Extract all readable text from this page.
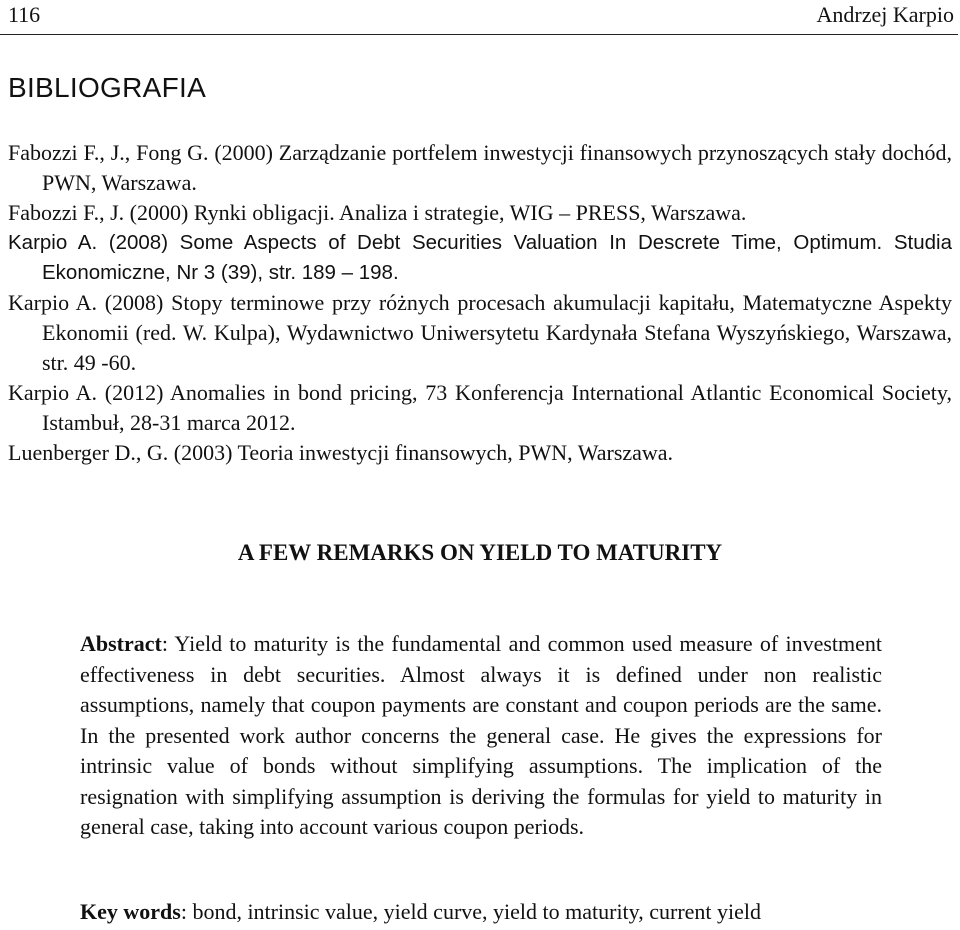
116	Andrzej Karpio
BIBLIOGRAFIA

Fabozzi F., J., Fong G. (2000) Zarządzanie portfelem inwestycji finansowych przynoszących stały dochód, PWN, Warszawa.

Fabozzi F., J. (2000) Rynki obligacji. Analiza i strategie, WIG – PRESS, Warszawa.

Karpio A. (2008) Some Aspects of Debt Securities Valuation In Descrete Time, Optimum. Studia Ekonomiczne, Nr 3 (39), str. 189 – 198.

Karpio A. (2008) Stopy terminowe przy różnych procesach akumulacji kapitału, Matematyczne Aspekty Ekonomii (red. W. Kulpa), Wydawnictwo Uniwersytetu Kardynała Stefana Wyszyńskiego, Warszawa, str. 49 -60.

Karpio A. (2012) Anomalies in bond pricing, 73 Konferencja International Atlantic Economical Society, Istambuł, 28-31 marca 2012.

Luenberger D., G. (2003) Teoria inwestycji finansowych, PWN, Warszawa.

A FEW REMARKS ON YIELD TO MATURITY

Abstract: Yield to maturity is the fundamental and common used measure of investment effectiveness in debt securities. Almost always it is defined under non realistic assumptions, namely that coupon payments are constant and coupon periods are the same. In the presented work author concerns the general case. He gives the expressions for intrinsic value of bonds without simplifying assumptions. The implication of the resignation with simplifying assumption is deriving the formulas for yield to maturity in general case, taking into account various coupon periods.

Key words: bond, intrinsic value, yield curve, yield to maturity, current yield
